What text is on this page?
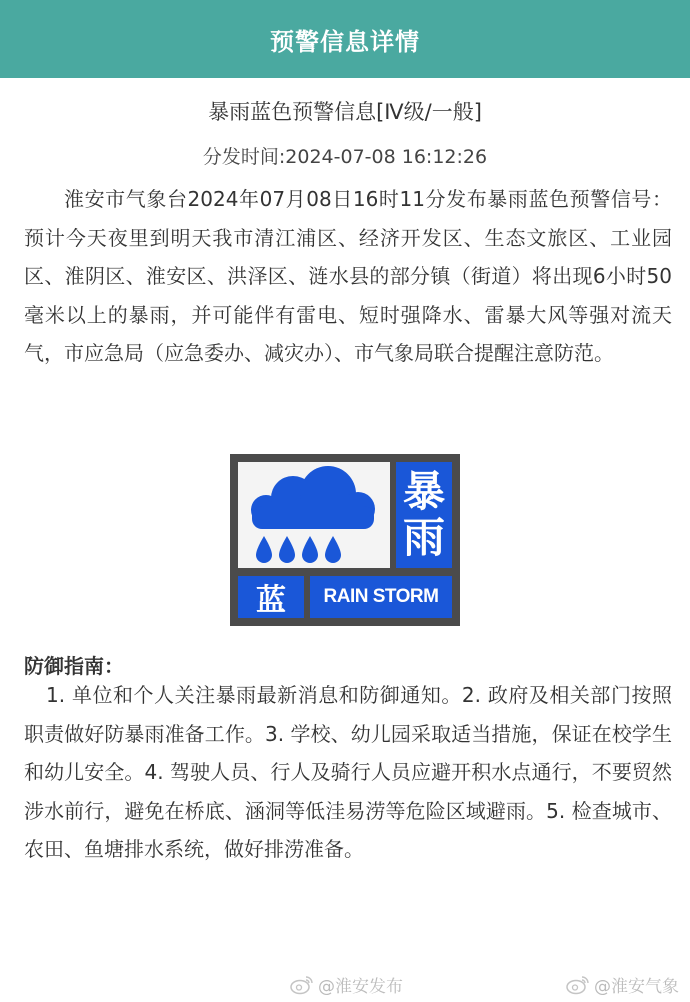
预警信息详情
暴雨蓝色预警信息[Ⅳ级/一般]
分发时间:2024-07-08 16:12:26

淮安市气象台2024年07月08日16时11分发布暴雨蓝色预警信号：预计今天夜里到明天我市清江浦区、经济开发区、生态文旅区、工业园区、淮阴区、淮安区、洪泽区、涟水县的部分镇（街道）将出现6小时50毫米以上的暴雨，并可能伴有雷电、短时强降水、雷暴大风等强对流天气，市应急局（应急委办、减灾办）、市气象局联合提醒注意防范。

暴
雨
蓝	RAIN STORM
防御指南：

1. 单位和个人关注暴雨最新消息和防御通知。2. 政府及相关部门按照职责做好防暴雨准备工作。3. 学校、幼儿园采取适当措施，保证在校学生和幼儿安全。4. 驾驶人员、行人及骑行人员应避开积水点通行，不要贸然涉水前行，避免在桥底、涵洞等低洼易涝等危险区域避雨。5. 检查城市、农田、鱼塘排水系统，做好排涝准备。

@淮安发布	@淮安气象
